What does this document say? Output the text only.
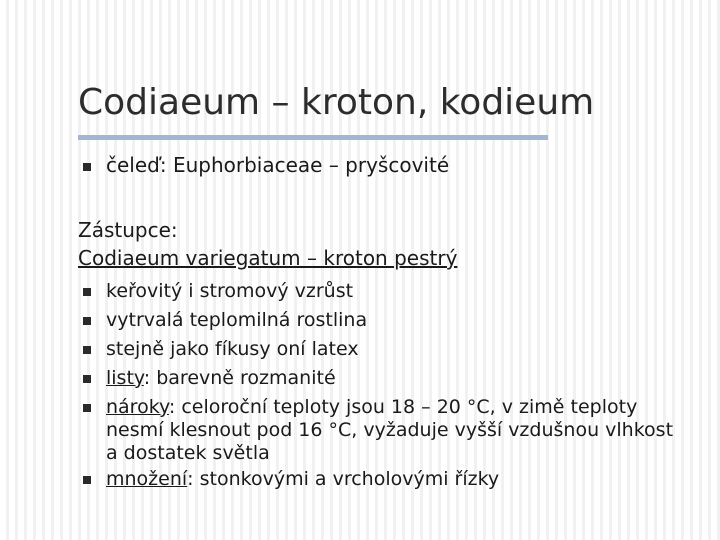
Codiaeum – kroton, kodieum
čeleď: Euphorbiaceae – pryšcovité
Zástupce:
Codiaeum variegatum – kroton pestrý
keřovitý i stromový vzrůst
vytrvalá teplomilná rostlina
stejně jako fíkusy oní latex
listy: barevně rozmanité
nároky: celoroční teploty jsou 18 – 20 °C, v zimě teploty nesmí klesnout pod 16 °C, vyžaduje vyšší vzdušnou vlhkost a dostatek světla
množení: stonkovými a vrcholovými řízky
